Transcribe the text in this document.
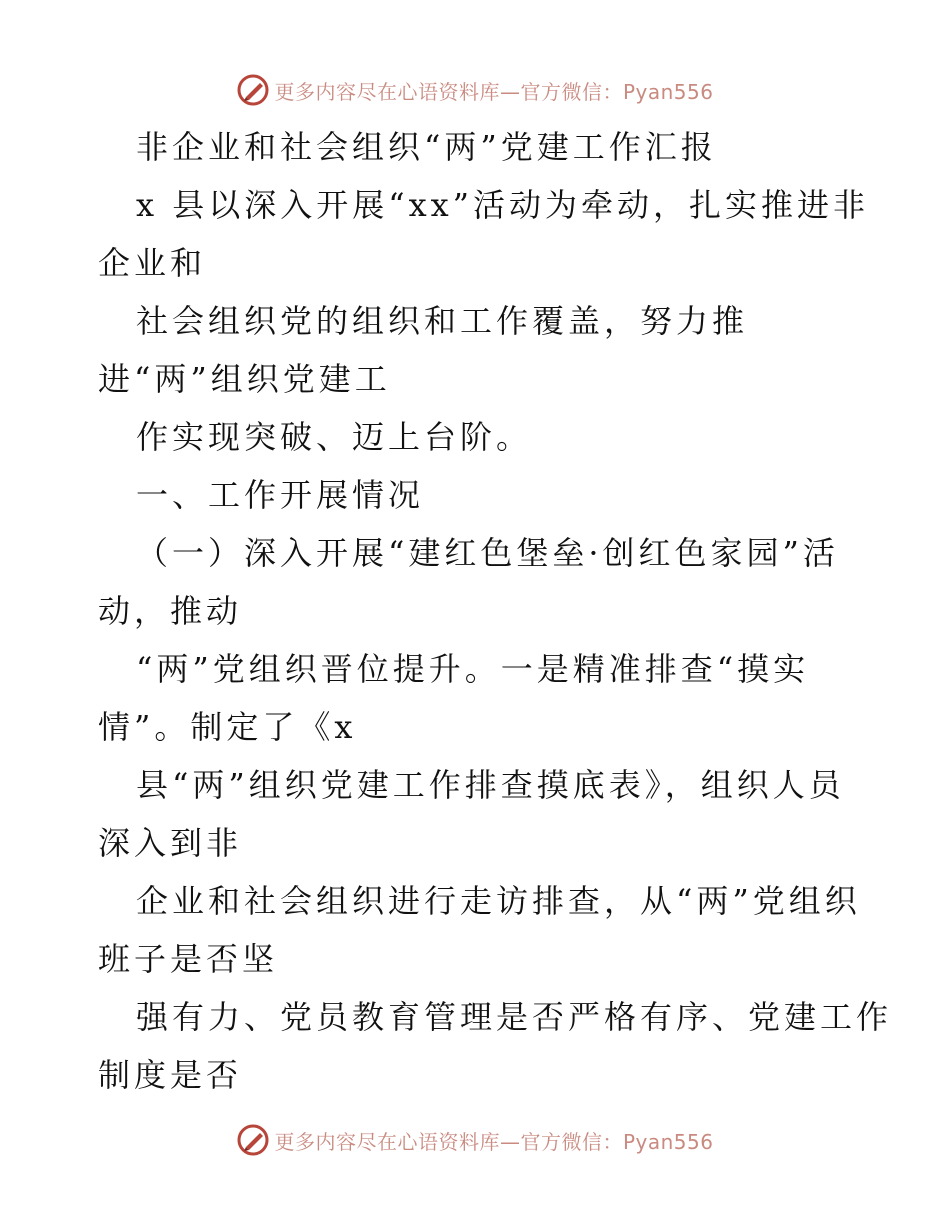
更多内容尽在心语资料库—官方微信：Pyan556
非企业和社会组织“两”党建工作汇报
x 县以深入开展“xx”活动为牵动，扎实推进非
企业和
社会组织党的组织和工作覆盖，努力推
进“两”组织党建工
作实现突破、迈上台阶。
一、工作开展情况
（一）深入开展“建红色堡垒·创红色家园”活
动，推动
“两”党组织晋位提升。一是精准排查“摸实
情”。制定了《x
县“两”组织党建工作排查摸底表》，组织人员
深入到非
企业和社会组织进行走访排查，从“两”党组织
班子是否坚
强有力、党员教育管理是否严格有序、党建工作
制度是否
更多内容尽在心语资料库—官方微信：Pyan556
